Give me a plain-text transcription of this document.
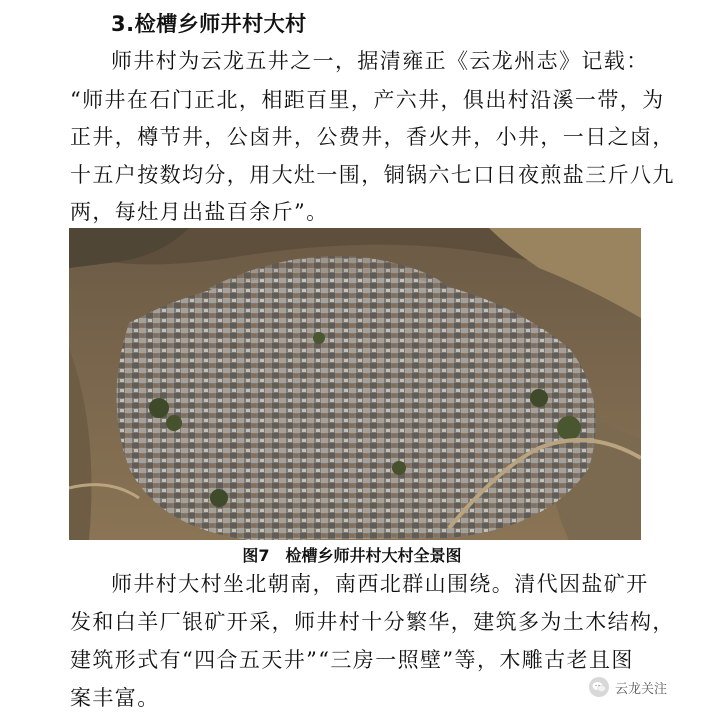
3.检槽乡师井村大村
师井村为云龙五井之一，据清雍正《云龙州志》记载：
“师井在石门正北，相距百里，产六井，俱出村沿溪一带，为
正井，樽节井，公卤井，公费井，香火井，小井，一日之卤，
十五户按数均分，用大灶一围，铜锅六七口日夜煎盐三斤八九
两，每灶月出盐百余斤”。
图7　检槽乡师井村大村全景图
师井村大村坐北朝南，南西北群山围绕。清代因盐矿开
发和白羊厂银矿开采，师井村十分繁华，建筑多为土木结构，
建筑形式有“四合五天井”“三房一照壁”等，木雕古老且图
案丰富。	云龙关注
